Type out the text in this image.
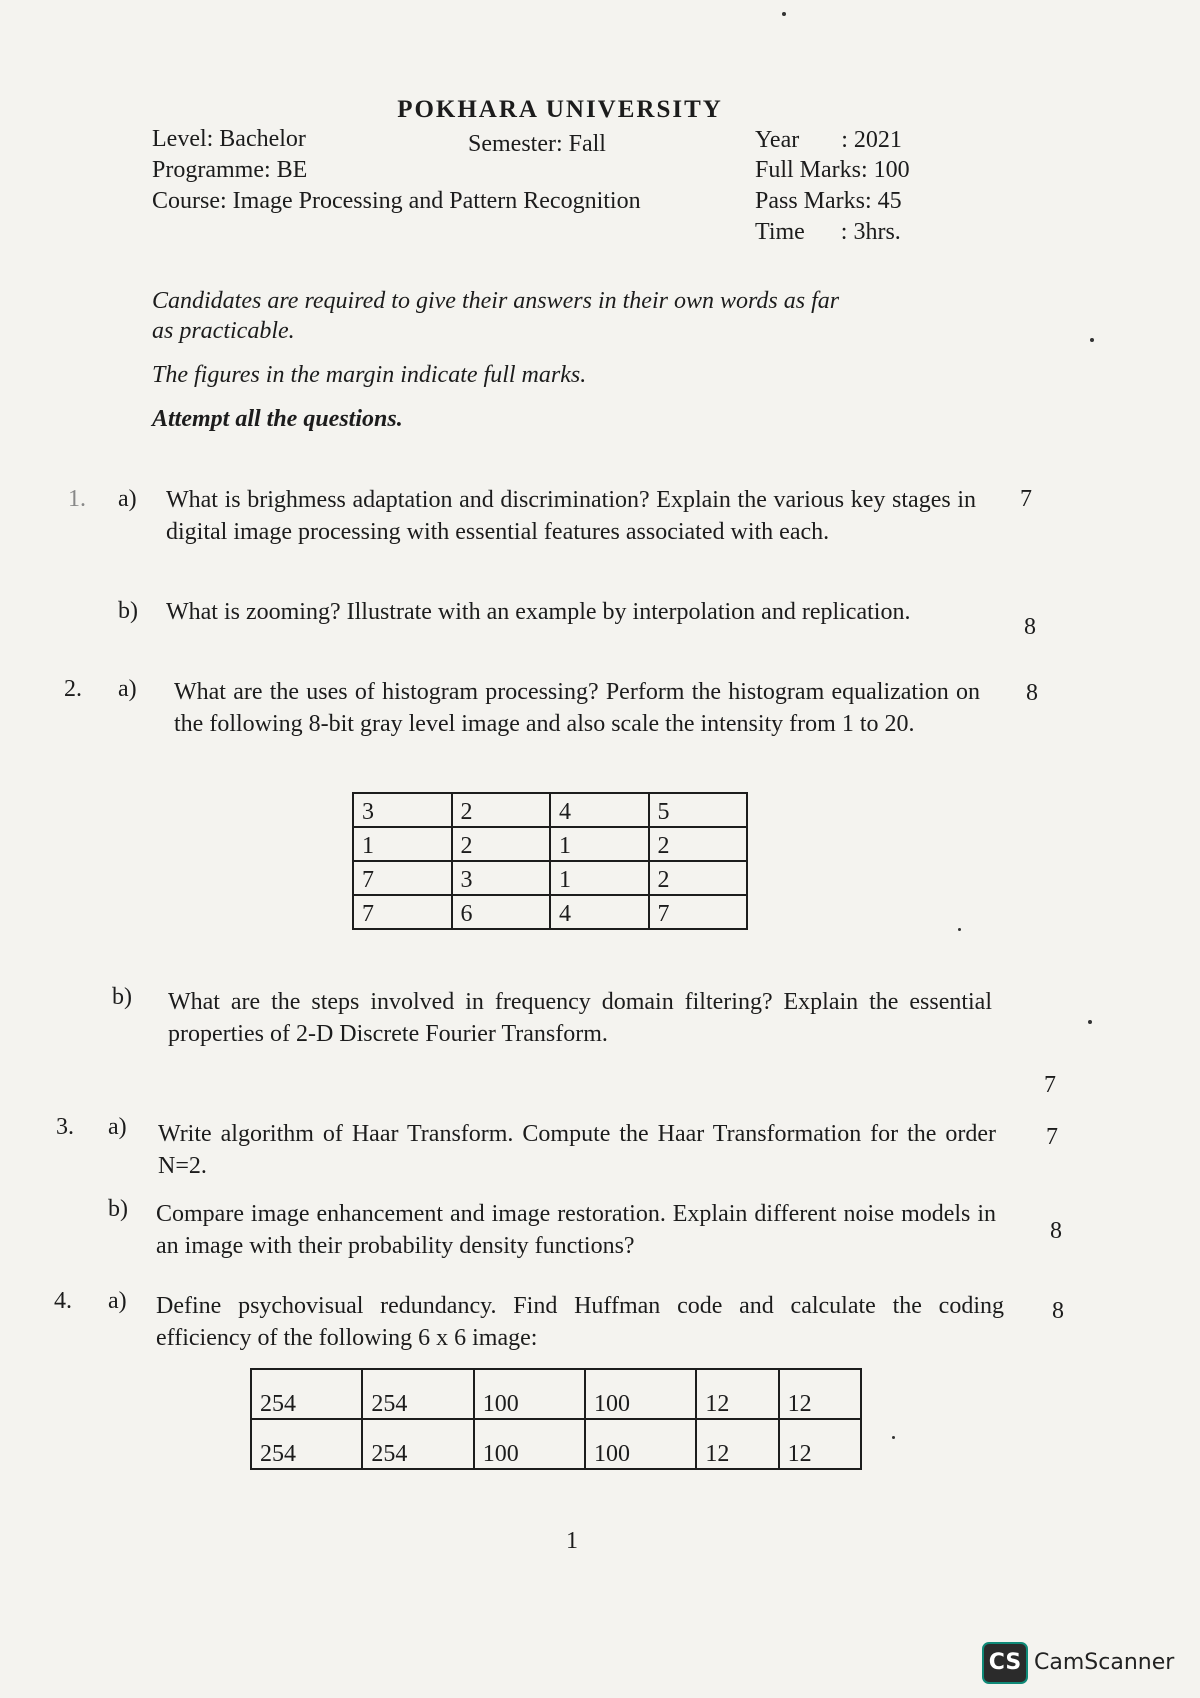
POKHARA UNIVERSITY
Level: Bachelor	Semester: Fall	Year       : 2021
Programme: BE	Full Marks: 100
Course: Image Processing and Pattern Recognition	Pass Marks: 45
Time      : 3hrs.
Candidates are required to give their answers in their own words as far
as practicable.
The figures in the margin indicate full marks.
Attempt all the questions.
1. a) What is brighmess adaptation and discrimination? Explain the various key stages in digital image processing with essential features associated with each.
7
b) What is zooming? Illustrate with an example by interpolation and replication.
8
2. a) What are the uses of histogram processing? Perform the histogram equalization on the following 8-bit gray level image and also scale the intensity from 1 to 20.
8
3	2	4	5
1	2	1	2
7	3	1	2
7	6	4	7
b) What are the steps involved in frequency domain filtering? Explain the essential properties of 2-D Discrete Fourier Transform.
7
3. a) Write algorithm of Haar Transform. Compute the Haar Transformation for the order N=2.
7
b) Compare image enhancement and image restoration. Explain different noise models in an image with their probability density functions?
8
4. a) Define psychovisual redundancy. Find Huffman code and calculate the coding efficiency of the following 6 x 6 image:
8
254	254	100	100	12	12
254	254	100	100	12	12
1
CS CamScanner
